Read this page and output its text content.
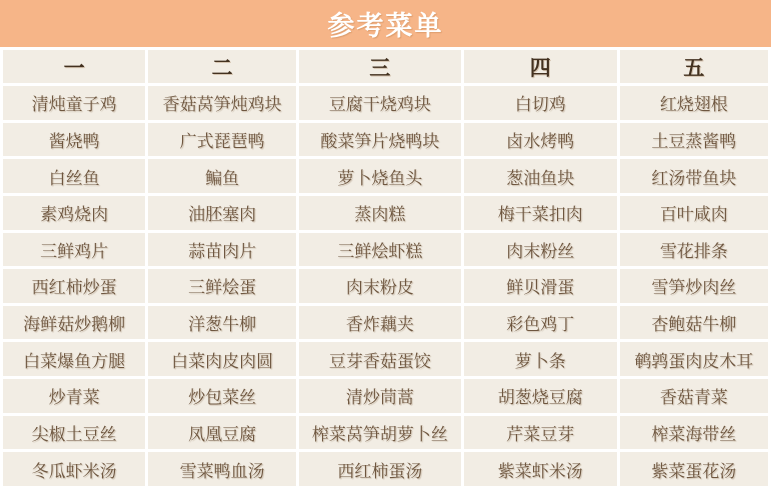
参考菜单
一	二	三	四	五
清炖童子鸡	香菇莴笋炖鸡块	豆腐干烧鸡块	白切鸡	红烧翅根
酱烧鸭	广式琵琶鸭	酸菜笋片烧鸭块	卤水烤鸭	土豆蒸酱鸭
白丝鱼	鳊鱼	萝卜烧鱼头	葱油鱼块	红汤带鱼块
素鸡烧肉	油胚塞肉	蒸肉糕	梅干菜扣肉	百叶咸肉
三鲜鸡片	蒜苗肉片	三鲜烩虾糕	肉末粉丝	雪花排条
西红柿炒蛋	三鲜烩蛋	肉末粉皮	鲜贝滑蛋	雪笋炒肉丝
海鲜菇炒鹅柳	洋葱牛柳	香炸藕夹	彩色鸡丁	杏鲍菇牛柳
白菜爆鱼方腿	白菜肉皮肉圆	豆芽香菇蛋饺	萝卜条	鹌鹑蛋肉皮木耳
炒青菜	炒包菜丝	清炒茼蒿	胡葱烧豆腐	香菇青菜
尖椒土豆丝	凤凰豆腐	榨菜莴笋胡萝卜丝	芹菜豆芽	榨菜海带丝
冬瓜虾米汤	雪菜鸭血汤	西红柿蛋汤	紫菜虾米汤	紫菜蛋花汤
